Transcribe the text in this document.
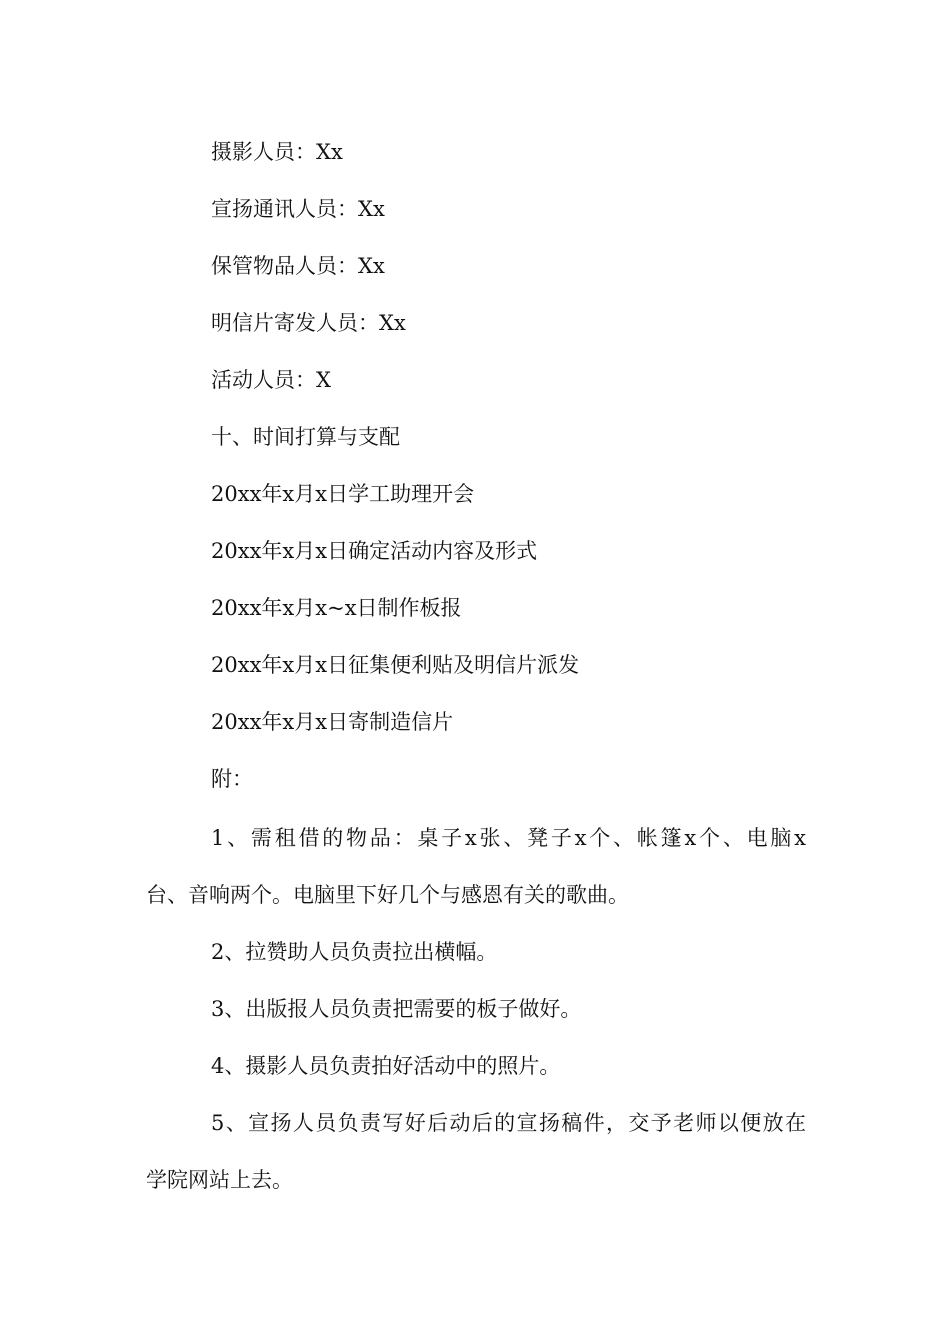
摄影人员：Xx

宣扬通讯人员：Xx

保管物品人员：Xx

明信片寄发人员：Xx

活动人员：X

十、时间打算与支配

20xx年x月x日学工助理开会

20xx年x月x日确定活动内容及形式

20xx年x月x~x日制作板报

20xx年x月x日征集便利贴及明信片派发

20xx年x月x日寄制造信片

附：

1、需租借的物品：桌子x张、凳子x个、帐篷x个、电脑x

台、音响两个。电脑里下好几个与感恩有关的歌曲。

2、拉赞助人员负责拉出横幅。

3、出版报人员负责把需要的板子做好。

4、摄影人员负责拍好活动中的照片。

5、宣扬人员负责写好后动后的宣扬稿件，交予老师以便放在

学院网站上去。
